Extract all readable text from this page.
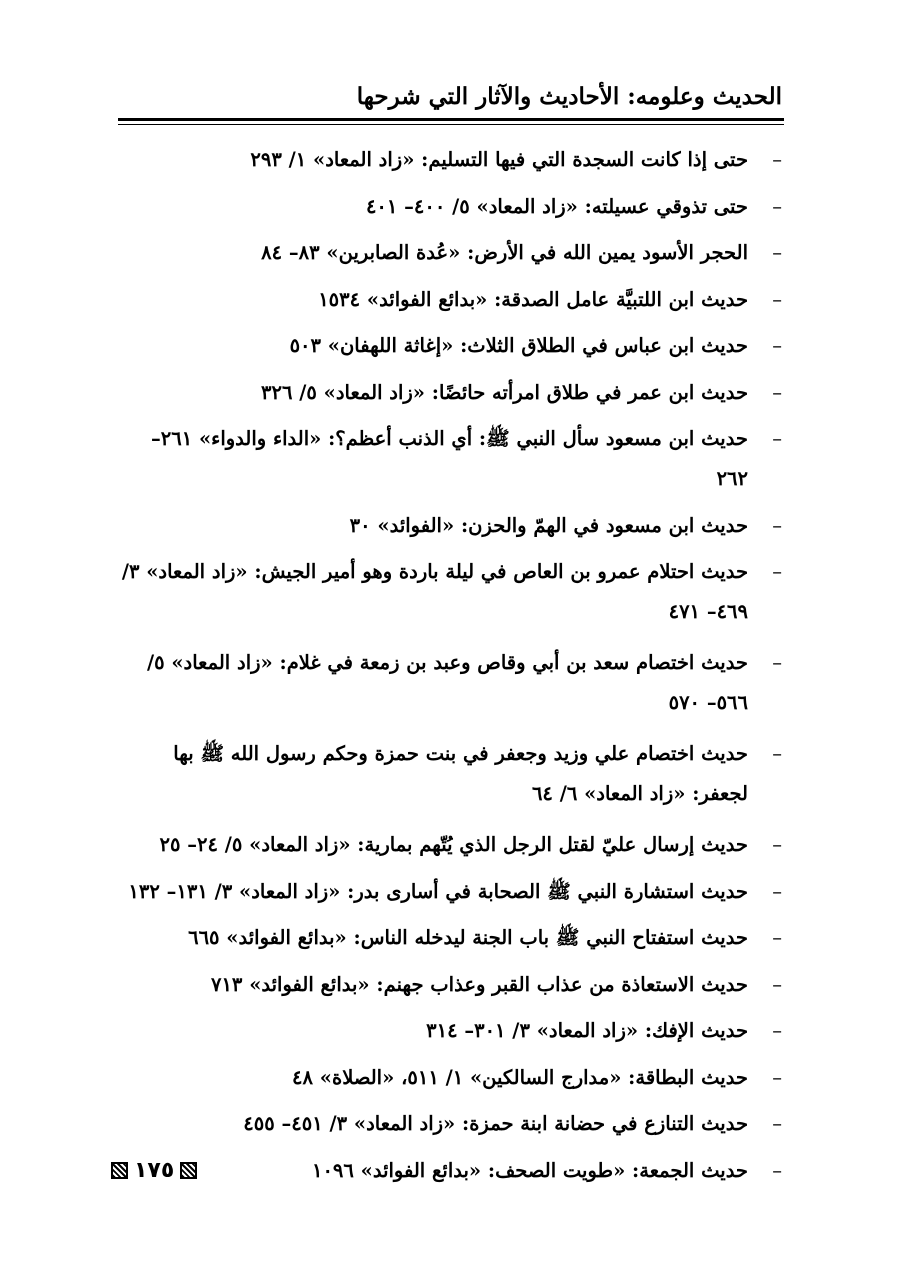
الحديث وعلومه: الأحاديث والآثار التي شرحها
–
حتى إذا كانت السجدة التي فيها التسليم: «زاد المعاد» ١/ ٢٩٣
–
حتى تذوقي عسيلته: «زاد المعاد» ٥/ ٤٠٠– ٤٠١
–
الحجر الأسود يمين الله في الأرض: «عُدة الصابرين» ٨٣– ٨٤
–
حديث ابن اللتبيَّة عامل الصدقة: «بدائع الفوائد» ١٥٣٤
–
حديث ابن عباس في الطلاق الثلاث: «إغاثة اللهفان» ٥٠٣
–
حديث ابن عمر في طلاق امرأته حائضًا: «زاد المعاد» ٥/ ٣٢٦
–
حديث ابن مسعود سأل النبي ﷺ: أي الذنب أعظم؟: «الداء والدواء» ٢٦١– ٢٦٢
–
حديث ابن مسعود في الهمّ والحزن: «الفوائد» ٣٠
–
حديث احتلام عمرو بن العاص في ليلة باردة وهو أمير الجيش: «زاد المعاد» ٣/ ٤٦٩– ٤٧١
–
حديث اختصام سعد بن أبي وقاص وعبد بن زمعة في غلام: «زاد المعاد» ٥/ ٥٦٦– ٥٧٠
–
حديث اختصام علي وزيد وجعفر في بنت حمزة وحكم رسول الله ﷺ بها لجعفر: «زاد المعاد» ٦/ ٦٤
–
حديث إرسال عليّ لقتل الرجل الذي يُتّهم بمارية: «زاد المعاد» ٥/ ٢٤– ٢٥
–
حديث استشارة النبي ﷺ الصحابة في أسارى بدر: «زاد المعاد» ٣/ ١٣١– ١٣٢
–
حديث استفتاح النبي ﷺ باب الجنة ليدخله الناس: «بدائع الفوائد» ٦٦٥
–
حديث الاستعاذة من عذاب القبر وعذاب جهنم: «بدائع الفوائد» ٧١٣
–
حديث الإفك: «زاد المعاد» ٣/ ٣٠١– ٣١٤
–
حديث البطاقة: «مدارج السالكين» ١/ ٥١١، «الصلاة» ٤٨
–
حديث التنازع في حضانة ابنة حمزة: «زاد المعاد» ٣/ ٤٥١– ٤٥٥
–
حديث الجمعة: «طويت الصحف: «بدائع الفوائد» ١٠٩٦
١٧٥
